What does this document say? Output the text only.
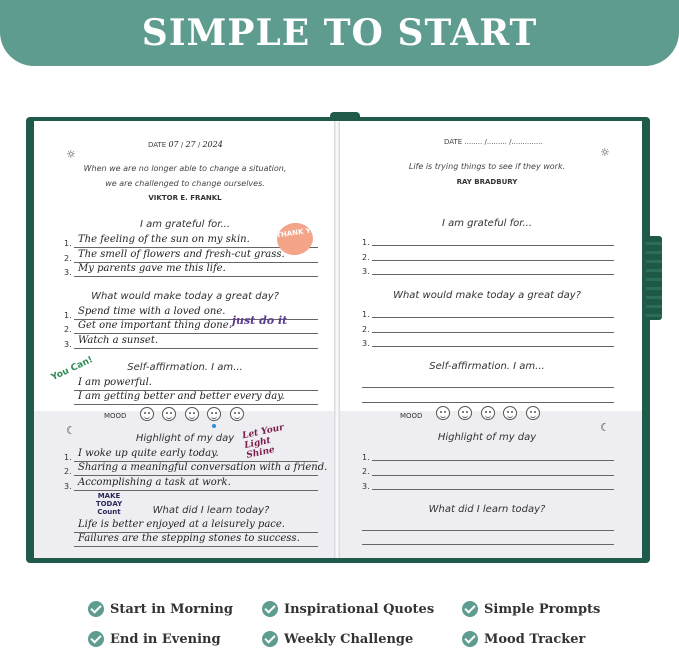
SIMPLE TO START
☼
DATE 07 / 27 / 2024
When we are no longer able to change a situation,
we are challenged to change ourselves.
VIKTOR E. FRANKL
I am grateful for...
1.
2.
3.
The feeling of the sun on my skin.
The smell of flowers and fresh-cut grass.
My parents gave me this life.
THANK YOU
What would make today a great day?
1.
2.
3.
Spend time with a loved one.
Get one important thing done.
Watch a sunset.
just do it
You Can!	Self-affirmation. I am...
I am powerful.
I am getting better and better every day.
MOOD
☾
Highlight of my day Let Your Light Shine
1.
2.
3.
I woke up quite early today.
Sharing a meaningful conversation with a friend.
Accomplishing a task at work.
MAKE TODAY Count	What did I learn today?
Life is better enjoyed at a leisurely pace.
Failures are the stepping stones to success.
☼
DATE ........ /......... /..............
Life is trying things to see if they work.
RAY BRADBURY
I am grateful for...
1.
2.
3.
What would make today a great day?
1.
2.
3.
Self-affirmation. I am...
MOOD
☾
Highlight of my day
1.
2.
3.
What did I learn today?
Start in Morning	Inspirational Quotes	Simple Prompts
End in Evening	Weekly Challenge	Mood Tracker
